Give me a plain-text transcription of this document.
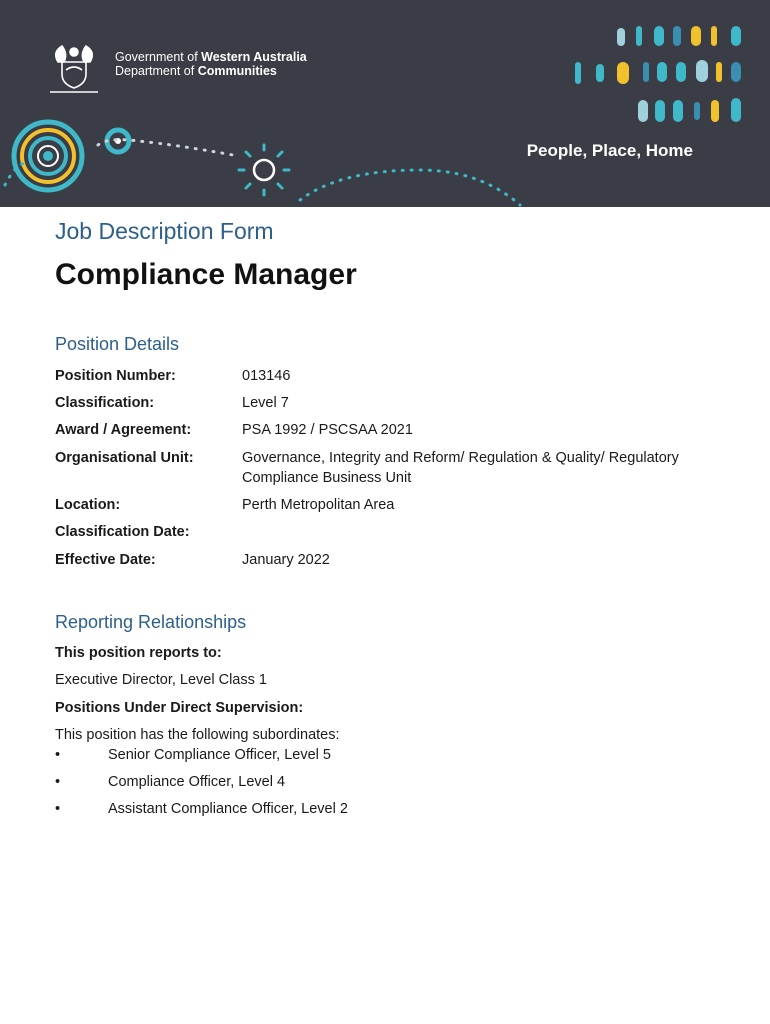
Government of Western Australia
Department of Communities
People, Place, Home
Job Description Form
Compliance Manager
Position Details
Position Number:	013146
Classification:	Level 7
Award / Agreement:	PSA 1992 / PSCSAA 2021
Organisational Unit:	Governance, Integrity and Reform/ Regulation & Quality/ Regulatory Compliance Business Unit
Location:	Perth Metropolitan Area
Classification Date:
Effective Date:	January 2022
Reporting Relationships
This position reports to:
Executive Director, Level Class 1
Positions Under Direct Supervision:
This position has the following subordinates:
•	Senior Compliance Officer, Level 5
•	Compliance Officer, Level 4
•	Assistant Compliance Officer, Level 2
